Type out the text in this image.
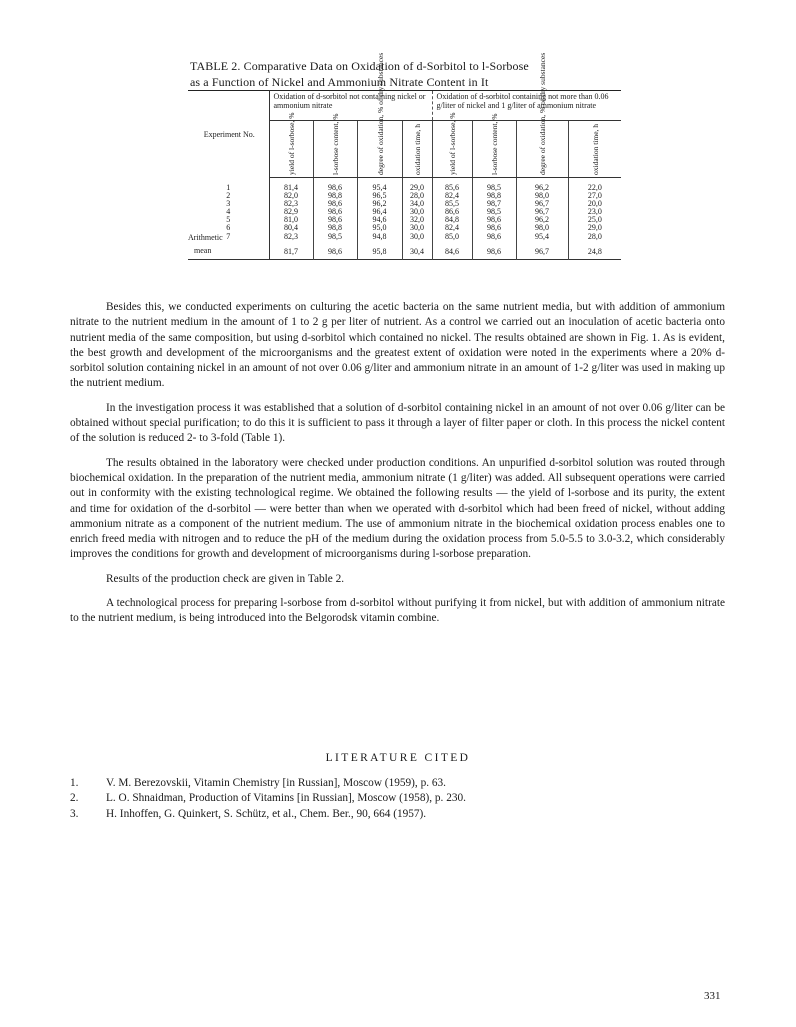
TABLE 2. Comparative Data on Oxidation of d-Sorbitol to l-Sorbose
as a Function of Nickel and Ammonium Nitrate Content in It
Experiment No.	Oxidation of d-sorbitol not containing nickel or ammonium nitrate				Oxidation of d-sorbitol containing not more than 0.06 g/liter of nickel and 1 g/liter of ammonium nitrate			

	yield of l-sorbose, %	l-sorbose content, %	degree of oxidation, % of dry substances	oxidation time, h	yield of l-sorbose, %	l-sorbose content, %	degree of oxidation, % of dry substances	oxidation time, h

1	81,4	98,6	95,4	29,0	85,6	98,5	96,2	22,0
2	82,0	98,8	96,5	28,0	82,4	98,8	98,0	27,0
3	82,3	98,6	96,2	34,0	85,5	98,7	96,7	20,0
4	82,9	98,6	96,4	30,0	86,6	98,5	96,7	23,0
5	81,0	98,6	94,6	32,0	84,8	98,6	96,2	25,0
6	80,4	98,8	95,0	30,0	82,4	98,6	98,0	29,0
7	82,3	98,5	94,8	30,0	85,0	98,6	95,4	28,0

Arithmetic
mean	81,7	98,6	95,8	30,4	84,6	98,6	96,7	24,8

Besides this, we conducted experiments on culturing the acetic bacteria on the same nutrient media, but with addition of ammonium nitrate to the nutrient medium in the amount of 1 to 2 g per liter of nutrient. As a control we carried out an inoculation of acetic bacteria onto nutrient media of the same composition, but using d-sorbitol which contained no nickel. The results obtained are shown in Fig. 1. As is evident, the best growth and development of the microorganisms and the greatest extent of oxidation were noted in the experiments where a 20% d-sorbitol solution containing nickel in an amount of not over 0.06 g/liter and ammonium nitrate in an amount of 1-2 g/liter was used in making up the nutrient medium.

In the investigation process it was established that a solution of d-sorbitol containing nickel in an amount of not over 0.06 g/liter can be obtained without special purification; to do this it is sufficient to pass it through a layer of filter paper or cloth. In this process the nickel content of the solution is reduced 2- to 3-fold (Table 1).

The results obtained in the laboratory were checked under production conditions. An unpurified d-sorbitol solution was routed through biochemical oxidation. In the preparation of the nutrient media, ammonium nitrate (1 g/liter) was added. All subsequent operations were carried out in conformity with the existing technological regime. We obtained the following results — the yield of l-sorbose and its purity, the extent and time for oxidation of the d-sorbitol — were better than when we operated with d-sorbitol which had been freed of nickel, without adding ammonium nitrate as a component of the nutrient medium. The use of ammonium nitrate in the biochemical oxidation process enables one to enrich freed media with nitrogen and to reduce the pH of the medium during the oxidation process from 5.0-5.5 to 3.0-3.2, which considerably improves the conditions for growth and development of microorganisms during l-sorbose preparation.

Results of the production check are given in Table 2.

A technological process for preparing l-sorbose from d-sorbitol without purifying it from nickel, but with addition of ammonium nitrate to the nutrient medium, is being introduced into the Belgorodsk vitamin combine.

LITERATURE CITED
1.	V. M. Berezovskii, Vitamin Chemistry [in Russian], Moscow (1959), p. 63.
2.	L. O. Shnaidman, Production of Vitamins [in Russian], Moscow (1958), p. 230.
3.	H. Inhoffen, G. Quinkert, S. Schütz, et al., Chem. Ber., 90, 664 (1957).
331
